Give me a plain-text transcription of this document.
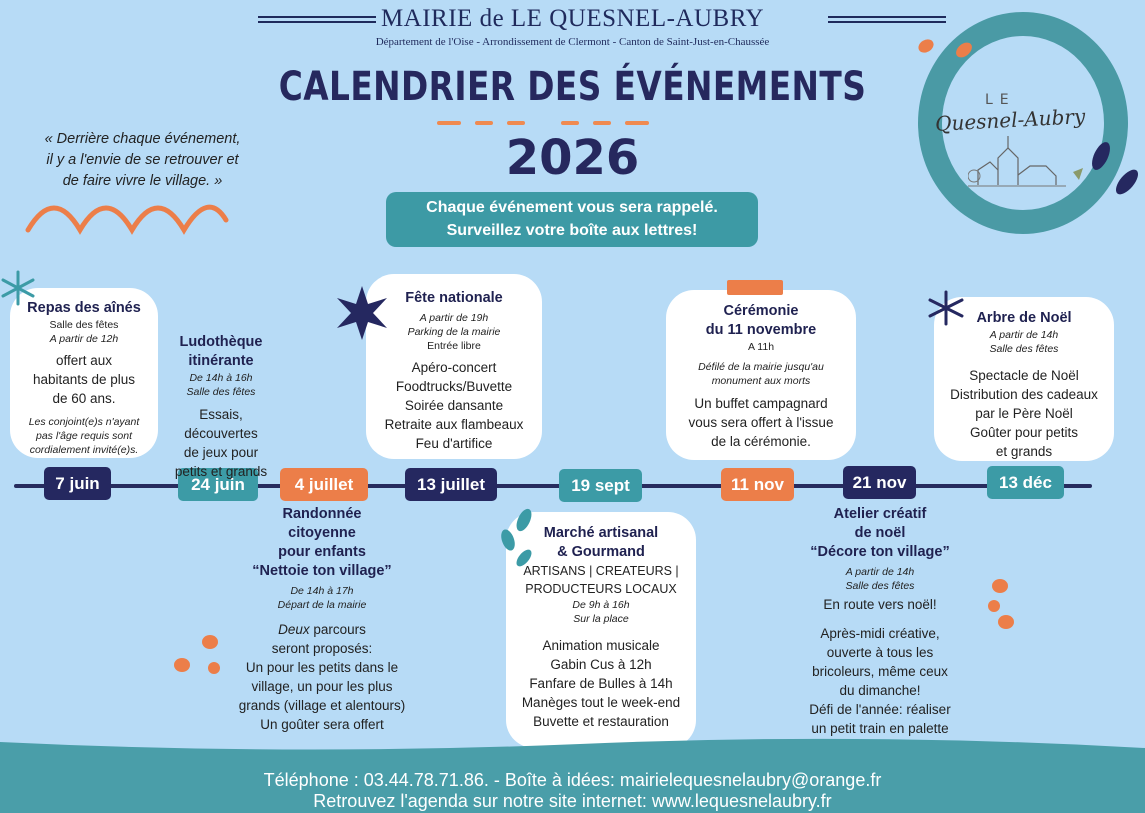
MAIRIE de LE QUESNEL-AUBRY
Département de l'Oise - Arrondissement de Clermont - Canton de Saint-Just-en-Chaussée
CALENDRIER DES ÉVÉNEMENTS
2026
Chaque événement vous sera rappelé.
Surveillez votre boîte aux lettres!
« Derrière chaque événement,
il y a l'envie de se retrouver et
de faire vivre le village. »
LE
Quesnel-Aubry
7 juin	24 juin	4 juillet	13 juillet	19 sept	11 nov	21 nov	13 déc
Repas des aînés
Salle des fêtes
A partir de 12h
offert aux
habitants de plus
de 60 ans.
Les conjoint(e)s n'ayant
pas l'âge requis sont
cordialement invité(e)s.
Ludothèque
itinérante
De 14h à 16h
Salle des fêtes
Essais,
découvertes
de jeux pour
petits et grands
Fête nationale
A partir de 19h
Parking de la mairie
Entrée libre
Apéro-concert
Foodtrucks/Buvette
Soirée dansante
Retraite aux flambeaux
Feu d'artifice
Cérémonie
du 11 novembre
A 11h
Défilé de la mairie jusqu'au
monument aux morts
Un buffet campagnard
vous sera offert à l'issue
de la cérémonie.
Arbre de Noël
A partir de 14h
Salle des fêtes
Spectacle de Noël
Distribution des cadeaux
par le Père Noël
Goûter pour petits
et grands
Randonnée
citoyenne
pour enfants
“Nettoie ton village”
De 14h à 17h
Départ de la mairie
Deux parcours
seront proposés:
Un pour les petits dans le
village, un pour les plus
grands (village et alentours)
Un goûter sera offert
Marché artisanal
& Gourmand
ARTISANS | CREATEURS |
PRODUCTEURS LOCAUX
De 9h à 16h
Sur la place
Animation musicale
Gabin Cus à 12h
Fanfare de Bulles à 14h
Manèges tout le week-end
Buvette et restauration
Atelier créatif
de noël
“Décore ton village”
A partir de 14h
Salle des fêtes
En route vers noël!
Après-midi créative,
ouverte à tous les
bricoleurs, même ceux
du dimanche!
Défi de l'année: réaliser
un petit train en palette
Téléphone : 03.44.78.71.86. - Boîte à idées: mairielequesnelaubry@orange.fr
Retrouvez l'agenda sur notre site internet: www.lequesnelaubry.fr
